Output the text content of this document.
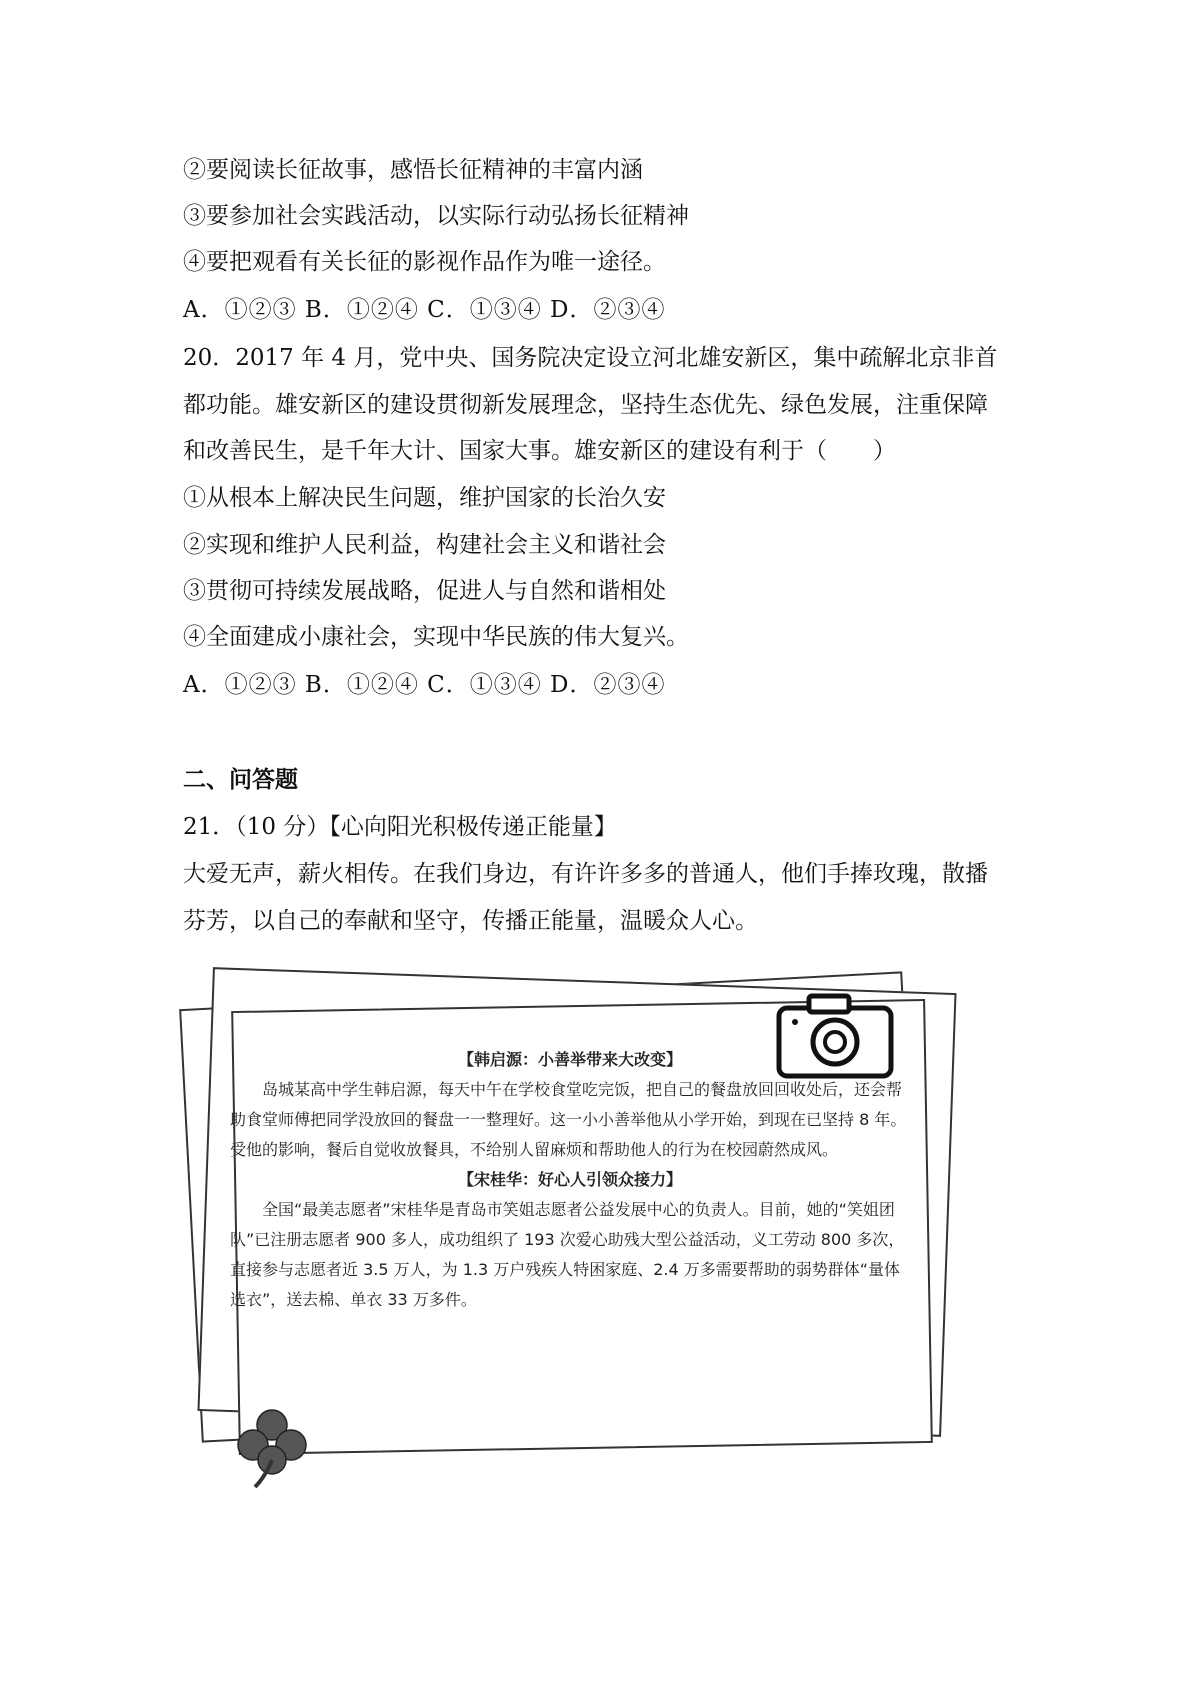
②要阅读长征故事，感悟长征精神的丰富内涵
③要参加社会实践活动，以实际行动弘扬长征精神
④要把观看有关长征的影视作品作为唯一途径。
A．①②③ B．①②④ C．①③④ D．②③④
20．2017 年 4 月，党中央、国务院决定设立河北雄安新区，集中疏解北京非首
都功能。雄安新区的建设贯彻新发展理念，坚持生态优先、绿色发展，注重保障
和改善民生，是千年大计、国家大事。雄安新区的建设有利于（　　）
①从根本上解决民生问题，维护国家的长治久安
②实现和维护人民利益，构建社会主义和谐社会
③贯彻可持续发展战略，促进人与自然和谐相处
④全面建成小康社会，实现中华民族的伟大复兴。
A．①②③ B．①②④ C．①③④ D．②③④
二、问答题
21．（10 分）【心向阳光积极传递正能量】
大爱无声，薪火相传。在我们身边，有许许多多的普通人，他们手捧玫瑰，散播
芬芳，以自己的奉献和坚守，传播正能量，温暖众人心。
【韩启源：小善举带来大改变】

岛城某高中学生韩启源，每天中午在学校食堂吃完饭，把自己的餐盘放回回收处后，还会帮助食堂师傅把同学没放回的餐盘一一整理好。这一小小善举他从小学开始，到现在已坚持 8 年。受他的影响，餐后自觉收放餐具，不给别人留麻烦和帮助他人的行为在校园蔚然成风。

【宋桂华：好心人引领众接力】

全国“最美志愿者”宋桂华是青岛市笑姐志愿者公益发展中心的负责人。目前，她的“笑姐团队”已注册志愿者 900 多人，成功组织了 193 次爱心助残大型公益活动，义工劳动 800 多次，直接参与志愿者近 3.5 万人，为 1.3 万户残疾人特困家庭、2.4 万多需要帮助的弱势群体“量体选衣”，送去棉、单衣 33 万多件。
